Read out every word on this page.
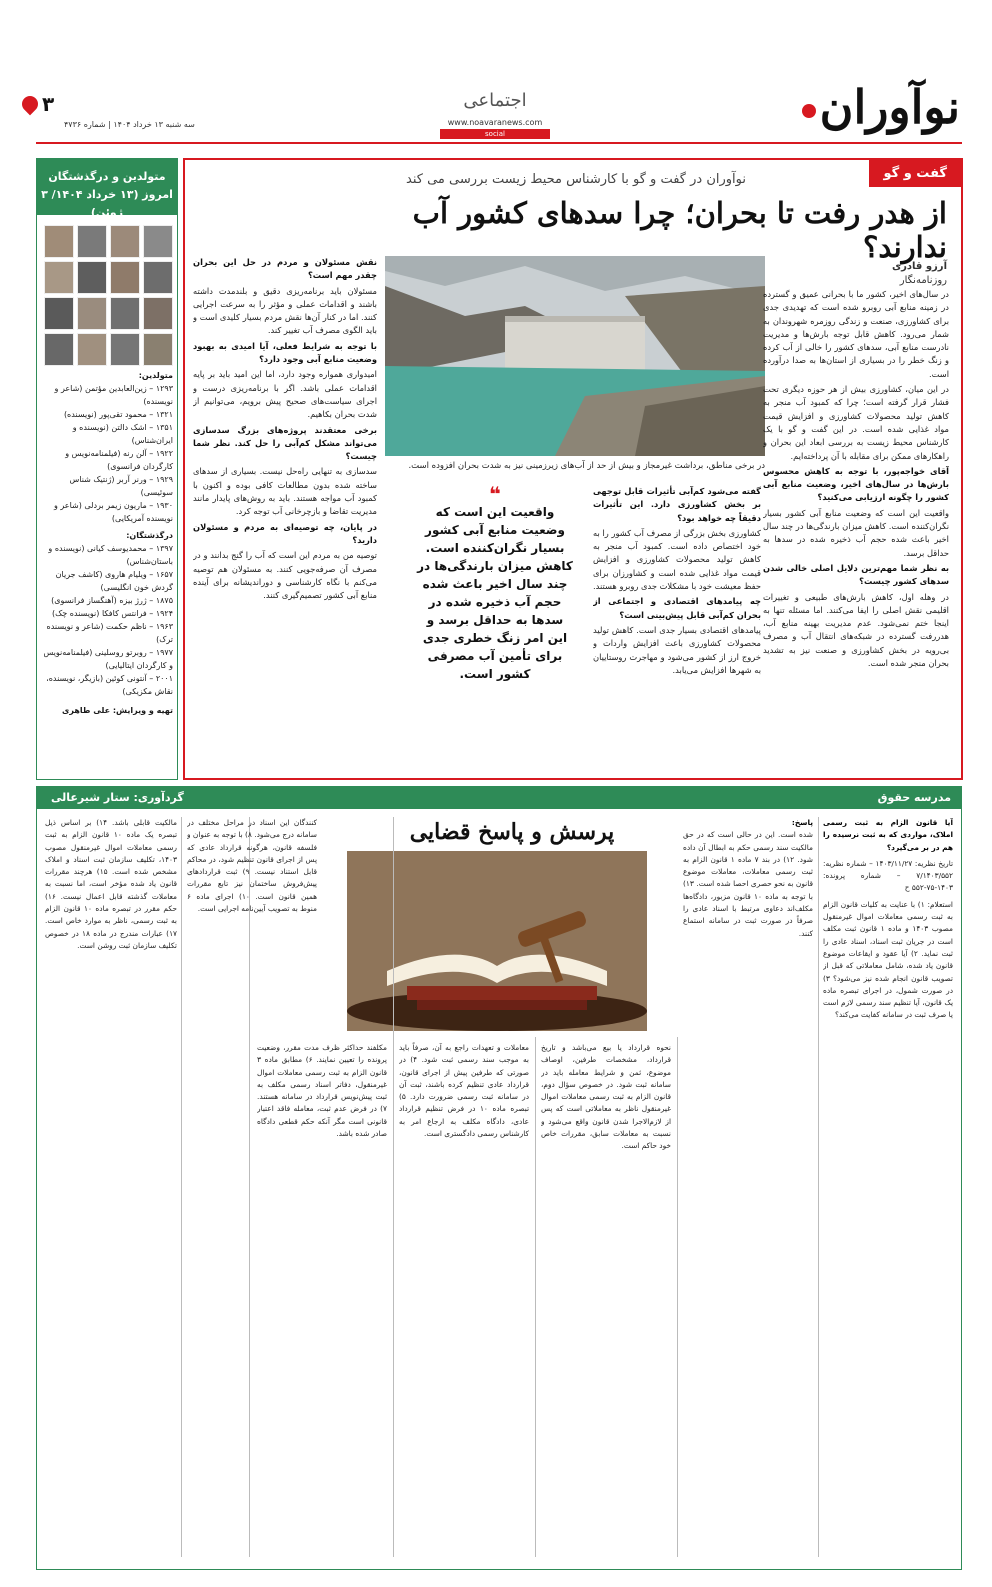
نوآوران
اجتماعی
www.noavaranews.com
social
۳
سه شنبه ۱۳ خرداد ۱۴۰۴ | شماره ۴۷۳۶
گفت و گو
نوآوران در گفت و گو با کارشناس محیط زیست بررسی می کند
از هدر رفت تا بحران؛ چرا سدهای کشور آب ندارند؟
آرزو قادری
روزنامه‌نگار
در برخی مناطق، برداشت غیرمجاز و بیش از حد از آب‌های زیرزمینی نیز به شدت بحران افزوده است.

در سال‌های اخیر، کشور ما با بحرانی عمیق و گسترده در زمینه منابع آبی روبرو شده است که تهدیدی جدی برای کشاورزی، صنعت و زندگی روزمره شهروندان به شمار می‌رود. کاهش قابل توجه بارش‌ها و مدیریت نادرست منابع آبی، سدهای کشور را خالی از آب کرده و زنگ خطر را در بسیاری از استان‌ها به صدا درآورده است.

در این میان، کشاورزی بیش از هر حوزه دیگری تحت فشار قرار گرفته است؛ چرا که کمبود آب منجر به کاهش تولید محصولات کشاورزی و افزایش قیمت مواد غذایی شده است. در این گفت و گو با یک کارشناس محیط زیست به بررسی ابعاد این بحران و راهکارهای ممکن برای مقابله با آن پرداخته‌ایم.

آقای خواجه‌پور، با توجه به کاهش محسوس بارش‌ها در سال‌های اخیر، وضعیت منابع آبی کشور را چگونه ارزیابی می‌کنید؟

واقعیت این است که وضعیت منابع آبی کشور بسیار نگران‌کننده است. کاهش میزان بارندگی‌ها در چند سال اخیر باعث شده حجم آب ذخیره شده در سدها به حداقل برسد.

به نظر شما مهم‌ترین دلایل اصلی خالی شدن سدهای کشور چیست؟

در وهله اول، کاهش بارش‌های طبیعی و تغییرات اقلیمی نقش اصلی را ایفا می‌کنند. اما مسئله تنها به اینجا ختم نمی‌شود. عدم مدیریت بهینه منابع آب، هدررفت گسترده در شبکه‌های انتقال آب و مصرف بی‌رویه در بخش کشاورزی و صنعت نیز به تشدید بحران منجر شده است.

گفته می‌شود کم‌آبی تأثیرات قابل توجهی بر بخش کشاورزی دارد. این تأثیرات دقیقاً چه خواهد بود؟

کشاورزی بخش بزرگی از مصرف آب کشور را به خود اختصاص داده است. کمبود آب منجر به کاهش تولید محصولات کشاورزی و افزایش قیمت مواد غذایی شده است و کشاورزان برای حفظ معیشت خود با مشکلات جدی روبرو هستند.

چه پیامدهای اقتصادی و اجتماعی از بحران کم‌آبی قابل پیش‌بینی است؟

پیامدهای اقتصادی بسیار جدی است. کاهش تولید محصولات کشاورزی باعث افزایش واردات و خروج ارز از کشور می‌شود و مهاجرت روستاییان به شهرها افزایش می‌یابد.

❝
واقعیت این است که وضعیت منابع آبی کشور بسیار نگران‌کننده است. کاهش میزان بارندگی‌ها در چند سال اخیر باعث شده حجم آب ذخیره شده در سدها به حداقل برسد و این امر زنگ خطری جدی برای تأمین آب مصرفی کشور است.

نقش مسئولان و مردم در حل این بحران چقدر مهم است؟

مسئولان باید برنامه‌ریزی دقیق و بلندمدت داشته باشند و اقدامات عملی و مؤثر را به سرعت اجرایی کنند. اما در کنار آن‌ها نقش مردم بسیار کلیدی است و باید الگوی مصرف آب تغییر کند.

با توجه به شرایط فعلی، آیا امیدی به بهبود وضعیت منابع آبی وجود دارد؟

امیدواری همواره وجود دارد، اما این امید باید بر پایه اقدامات عملی باشد. اگر با برنامه‌ریزی درست و اجرای سیاست‌های صحیح پیش برویم، می‌توانیم از شدت بحران بکاهیم.

برخی معتقدند پروژه‌های بزرگ سدسازی می‌تواند مشکل کم‌آبی را حل کند. نظر شما چیست؟

سدسازی به تنهایی راه‌حل نیست. بسیاری از سدهای ساخته شده بدون مطالعات کافی بوده و اکنون با کمبود آب مواجه هستند. باید به روش‌های پایدار مانند مدیریت تقاضا و بازچرخانی آب توجه کرد.

در پایان، چه توصیه‌ای به مردم و مسئولان دارید؟

توصیه من به مردم این است که آب را گنج بدانند و در مصرف آن صرفه‌جویی کنند. به مسئولان هم توصیه می‌کنم با نگاه کارشناسی و دوراندیشانه برای آینده منابع آبی کشور تصمیم‌گیری کنند.

متولدین و درگذشتگان
امروز (۱۳ خرداد ۱۴۰۴/ ۳ ژوئن)
متولدین:
۱۲۹۳ – زین‌العابدین مؤتمن (شاعر و نویسنده)
۱۳۲۱ – محمود تقی‌پور (نویسنده)
۱۳۵۱ – اشک دالتن (نویسنده و ایران‌شناس)
۱۹۲۲ – آلن رنه (فیلمنامه‌نویس و کارگردان فرانسوی)
۱۹۲۹ – ورنر آربر (ژنتیک شناس سوئیسی)
۱۹۳۰ – ماریون زیمر بردلی (شاعر و نویسنده آمریکایی)
درگذشتگان:
۱۳۹۷ – محمدیوسف کیانی (نویسنده و باستان‌شناس)
۱۶۵۷ – ویلیام هاروی (کاشف جریان گردش خون انگلیسی)
۱۸۷۵ – ژرژ بیزه (آهنگساز فرانسوی)
۱۹۲۴ – فرانتس کافکا (نویسنده چک)
۱۹۶۳ – ناظم حکمت (شاعر و نویسنده ترک)
۱۹۷۷ – روبرتو روسلینی (فیلمنامه‌نویس و کارگردان ایتالیایی)
۲۰۰۱ – آنتونی کوئین (بازیگر، نویسنده، نقاش مکزیکی)
تهیه و ویرایش: علی طاهری
مدرسه حقوق
گردآوری: ستار شیرعالی
پرسش و پاسخ قضایی	آیا قانون الزام به ثبت رسمی املاک، مواردی که به ثبت نرسیده را هم در بر می‌گیرد؟
تاریخ نظریه: ۱۴۰۳/۱۱/۲۷ – شماره نظریه: ۷/۱۴۰۳/۵۵۲ – شماره پرونده: ۱۴۰۳-۷۵-۵۵۲ ح
استعلام: ۱) با عنایت به کلیات قانون الزام به ثبت رسمی معاملات اموال غیرمنقول مصوب ۱۴۰۳ و ماده ۱ قانون ثبت مکلف است در جریان ثبت اسناد، اسناد عادی را ثبت نماید. ۲) آیا عقود و ایقاعات موضوع قانون یاد شده، شامل معاملاتی که قبل از تصویب قانون انجام شده نیز می‌شود؟ ۳) در صورت شمول، در اجرای تبصره ماده یک قانون، آیا تنظیم سند رسمی لازم است یا صرف ثبت در سامانه کفایت می‌کند؟
پاسخ:
شده است. این در حالی است که در حق مالکیت سند رسمی حکم به ابطال آن داده شود. ۱۲) در بند ۷ ماده ۱ قانون الزام به ثبت رسمی معاملات، معاملات موضوع قانون به نحو حصری احصا شده است. ۱۳) با توجه به ماده ۱۰ قانون مزبور، دادگاه‌ها مکلف‌اند دعاوی مرتبط با اسناد عادی را صرفاً در صورت ثبت در سامانه استماع کنند.
نحوه قرارداد یا بیع می‌باشد و تاریخ قرارداد، مشخصات طرفین، اوصاف موضوع، ثمن و شرایط معامله باید در سامانه ثبت شود. در خصوص سؤال دوم، قانون الزام به ثبت رسمی معاملات اموال غیرمنقول ناظر به معاملاتی است که پس از لازم‌الاجرا شدن قانون واقع می‌شود و نسبت به معاملات سابق، مقررات خاص خود حاکم است.
معاملات و تعهدات راجع به آن، صرفاً باید به موجب سند رسمی ثبت شود. ۴) در صورتی که طرفین پیش از اجرای قانون، قرارداد عادی تنظیم کرده باشند، ثبت آن در سامانه ثبت رسمی ضرورت دارد. ۵) تبصره ماده ۱۰ در فرض تنظیم قرارداد عادی، دادگاه مکلف به ارجاع امر به کارشناس رسمی دادگستری است.
مکلفند حداکثر ظرف مدت مقرر، وضعیت پرونده را تعیین نمایند. ۶) مطابق ماده ۳ قانون الزام به ثبت رسمی معاملات اموال غیرمنقول، دفاتر اسناد رسمی مکلف به ثبت پیش‌نویس قرارداد در سامانه هستند. ۷) در فرض عدم ثبت، معامله فاقد اعتبار قانونی است مگر آنکه حکم قطعی دادگاه صادر شده باشد.
کنندگان این اسناد در مراحل مختلف در سامانه درج می‌شود. ۸) با توجه به عنوان و فلسفه قانون، هرگونه قرارداد عادی که پس از اجرای قانون تنظیم شود، در محاکم قابل استناد نیست. ۹) ثبت قراردادهای پیش‌فروش ساختمان نیز تابع مقررات همین قانون است. ۱۰) اجرای ماده ۶ منوط به تصویب آیین‌نامه اجرایی است.
مالکیت قابلی باشد. ۱۴) بر اساس ذیل تبصره یک ماده ۱۰ قانون الزام به ثبت رسمی معاملات اموال غیرمنقول مصوب ۱۴۰۳، تکلیف سازمان ثبت اسناد و املاک مشخص شده است. ۱۵) هرچند مقررات قانون یاد شده مؤخر است، اما نسبت به معاملات گذشته قابل اعمال نیست. ۱۶) حکم مقرر در تبصره ماده ۱۰ قانون الزام به ثبت رسمی، ناظر به موارد خاص است. ۱۷) عبارات مندرج در ماده ۱۸ در خصوص تکلیف سازمان ثبت روشن است.
